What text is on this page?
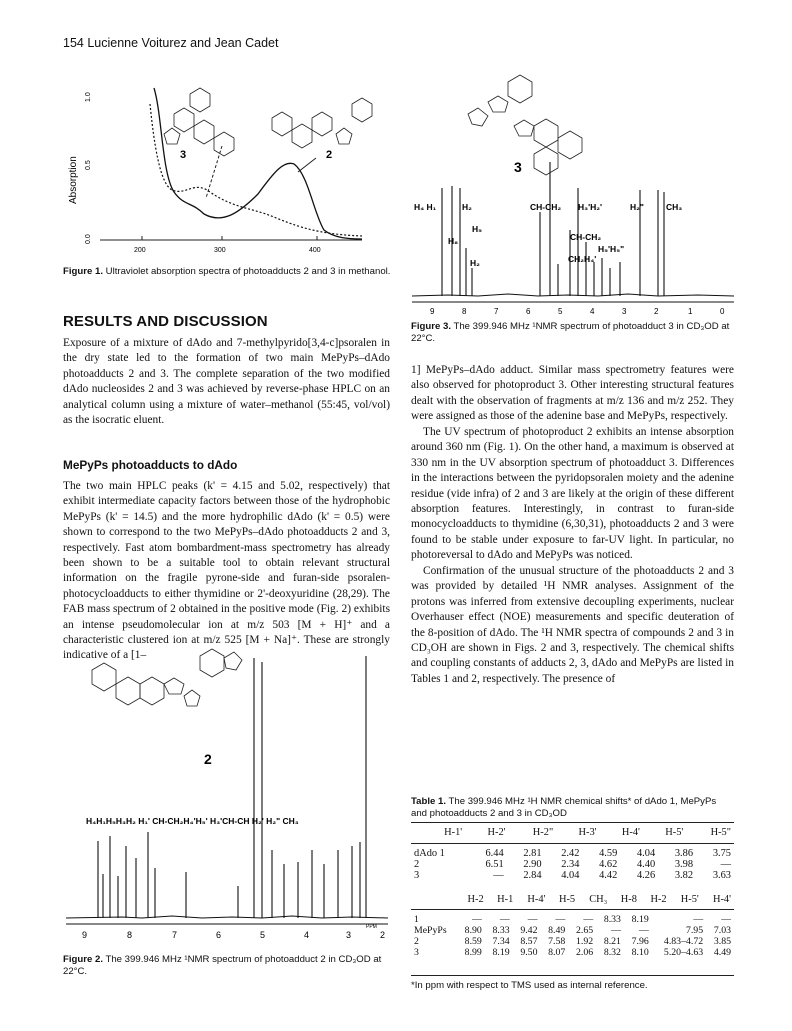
154 Lucienne Voiturez and Jean Cadet
Absorption
1.0
0.5
0.0
200	300	400
3	2
Figure 1. Ultraviolet absorption spectra of photoadducts 2 and 3 in methanol.
RESULTS AND DISCUSSION

Exposure of a mixture of dAdo and 7-methylpyrido[3,4-c]psoralen in the dry state led to the formation of two main MePyPs–dAdo photoadducts 2 and 3. The complete separation of the two modified dAdo nucleosides 2 and 3 was achieved by reverse-phase HPLC on an analytical column using a mixture of water–methanol (55:45, vol/vol) as the isocratic eluent.

MePyPs photoadducts to dAdo

The two main HPLC peaks (k' = 4.15 and 5.02, respectively) that exhibit intermediate capacity factors between those of the hydrophobic MePyPs (k' = 14.5) and the more hydrophilic dAdo (k' = 0.5) were shown to correspond to the two MePyPs–dAdo photoadducts 2 and 3, respectively. Fast atom bombardment-mass spectrometry has already been shown to be a suitable tool to obtain relevant structural information on the fragile pyrone-side and furan-side psoralen-photocycloadducts to either thymidine or 2'-deoxyuridine (28,29). The FAB mass spectrum of 2 obtained in the positive mode (Fig. 2) exhibits an intense pseudomolecular ion at m/z 503 [M + H]⁺ and a characteristic clustered ion at m/z 525 [M + Na]⁺. These are strongly indicative of a [1–

2
H₄H₁H₅H₃H₂ H₁' CH-CH₂H₄'H₅' H₃'CH-CH H₂' H₂" CH₃
PPM
9	8	7	6	5	4	3	2
Figure 2. The 399.946 MHz ¹NMR spectrum of photoadduct 2 in CD₃OD at 22°C.
3
H₄ H₁	H₂	CH-CH₂ H₃'H₂'	H₂"	CH₃
H₅
H₈	CH-CH₂
CH₂H₄'
H₅'H₅"
H₂
9	8	7	6	5	4	3	2	1	0
Figure 3. The 399.946 MHz ¹NMR spectrum of photoadduct 3 in CD₃OD at 22°C.

1] MePyPs–dAdo adduct. Similar mass spectrometry features were also observed for photoproduct 3. Other interesting structural features dealt with the observation of fragments at m/z 136 and m/z 252. They were assigned as those of the adenine base and MePyPs, respectively.

The UV spectrum of photoproduct 2 exhibits an intense absorption around 360 nm (Fig. 1). On the other hand, a maximum is observed at 330 nm in the UV absorption spectrum of photoadduct 3. Differences in the interactions between the pyridopsoralen moiety and the adenine residue (vide infra) of 2 and 3 are likely at the origin of these different absorption features. Interestingly, in contrast to furan-side monocycloadducts to thymidine (6,30,31), photoadducts 2 and 3 were found to be stable under exposure to far-UV light. In particular, no photoreversal to dAdo and MePyPs was noticed.

Confirmation of the unusual structure of the photoadducts 2 and 3 was provided by detailed ¹H NMR analyses. Assignment of the protons was inferred from extensive decoupling experiments, nuclear Overhauser effect (NOE) measurements and specific deuteration of the 8-position of dAdo. The ¹H NMR spectra of compounds 2 and 3 in CD₃OH are shown in Figs. 2 and 3, respectively. The chemical shifts and coupling constants of adducts 2, 3, dAdo and MePyPs are listed in Tables 1 and 2, respectively. The presence of

Table 1. The 399.946 MHz ¹H NMR chemical shifts* of dAdo 1, MePyPs and photoadducts 2 and 3 in CD₃OD
	H-1'	H-2'	H-2"	H-3'	H-4'	H-5'	H-5"
dAdo 1	6.44	2.81	2.42	4.59	4.04	3.86	3.75
2	6.51	2.90	2.34	4.62	4.40	3.98	—
3	—	2.84	4.04	4.42	4.26	3.82	3.63
	H-2	H-1	H-4'	H-5	CH₃	H-8	H-2	H-5'	H-4'
1	—	—	—	—	—	8.33	8.19	—	—
MePyPs	8.90	8.33	9.42	8.49	2.65	—	—	7.95	7.03
2	8.59	7.34	8.57	7.58	1.92	8.21	7.96	4.83–4.72	3.85
3	8.99	8.19	9.50	8.07	2.06	8.32	8.10	5.20–4.63	4.49
*In ppm with respect to TMS used as internal reference.
